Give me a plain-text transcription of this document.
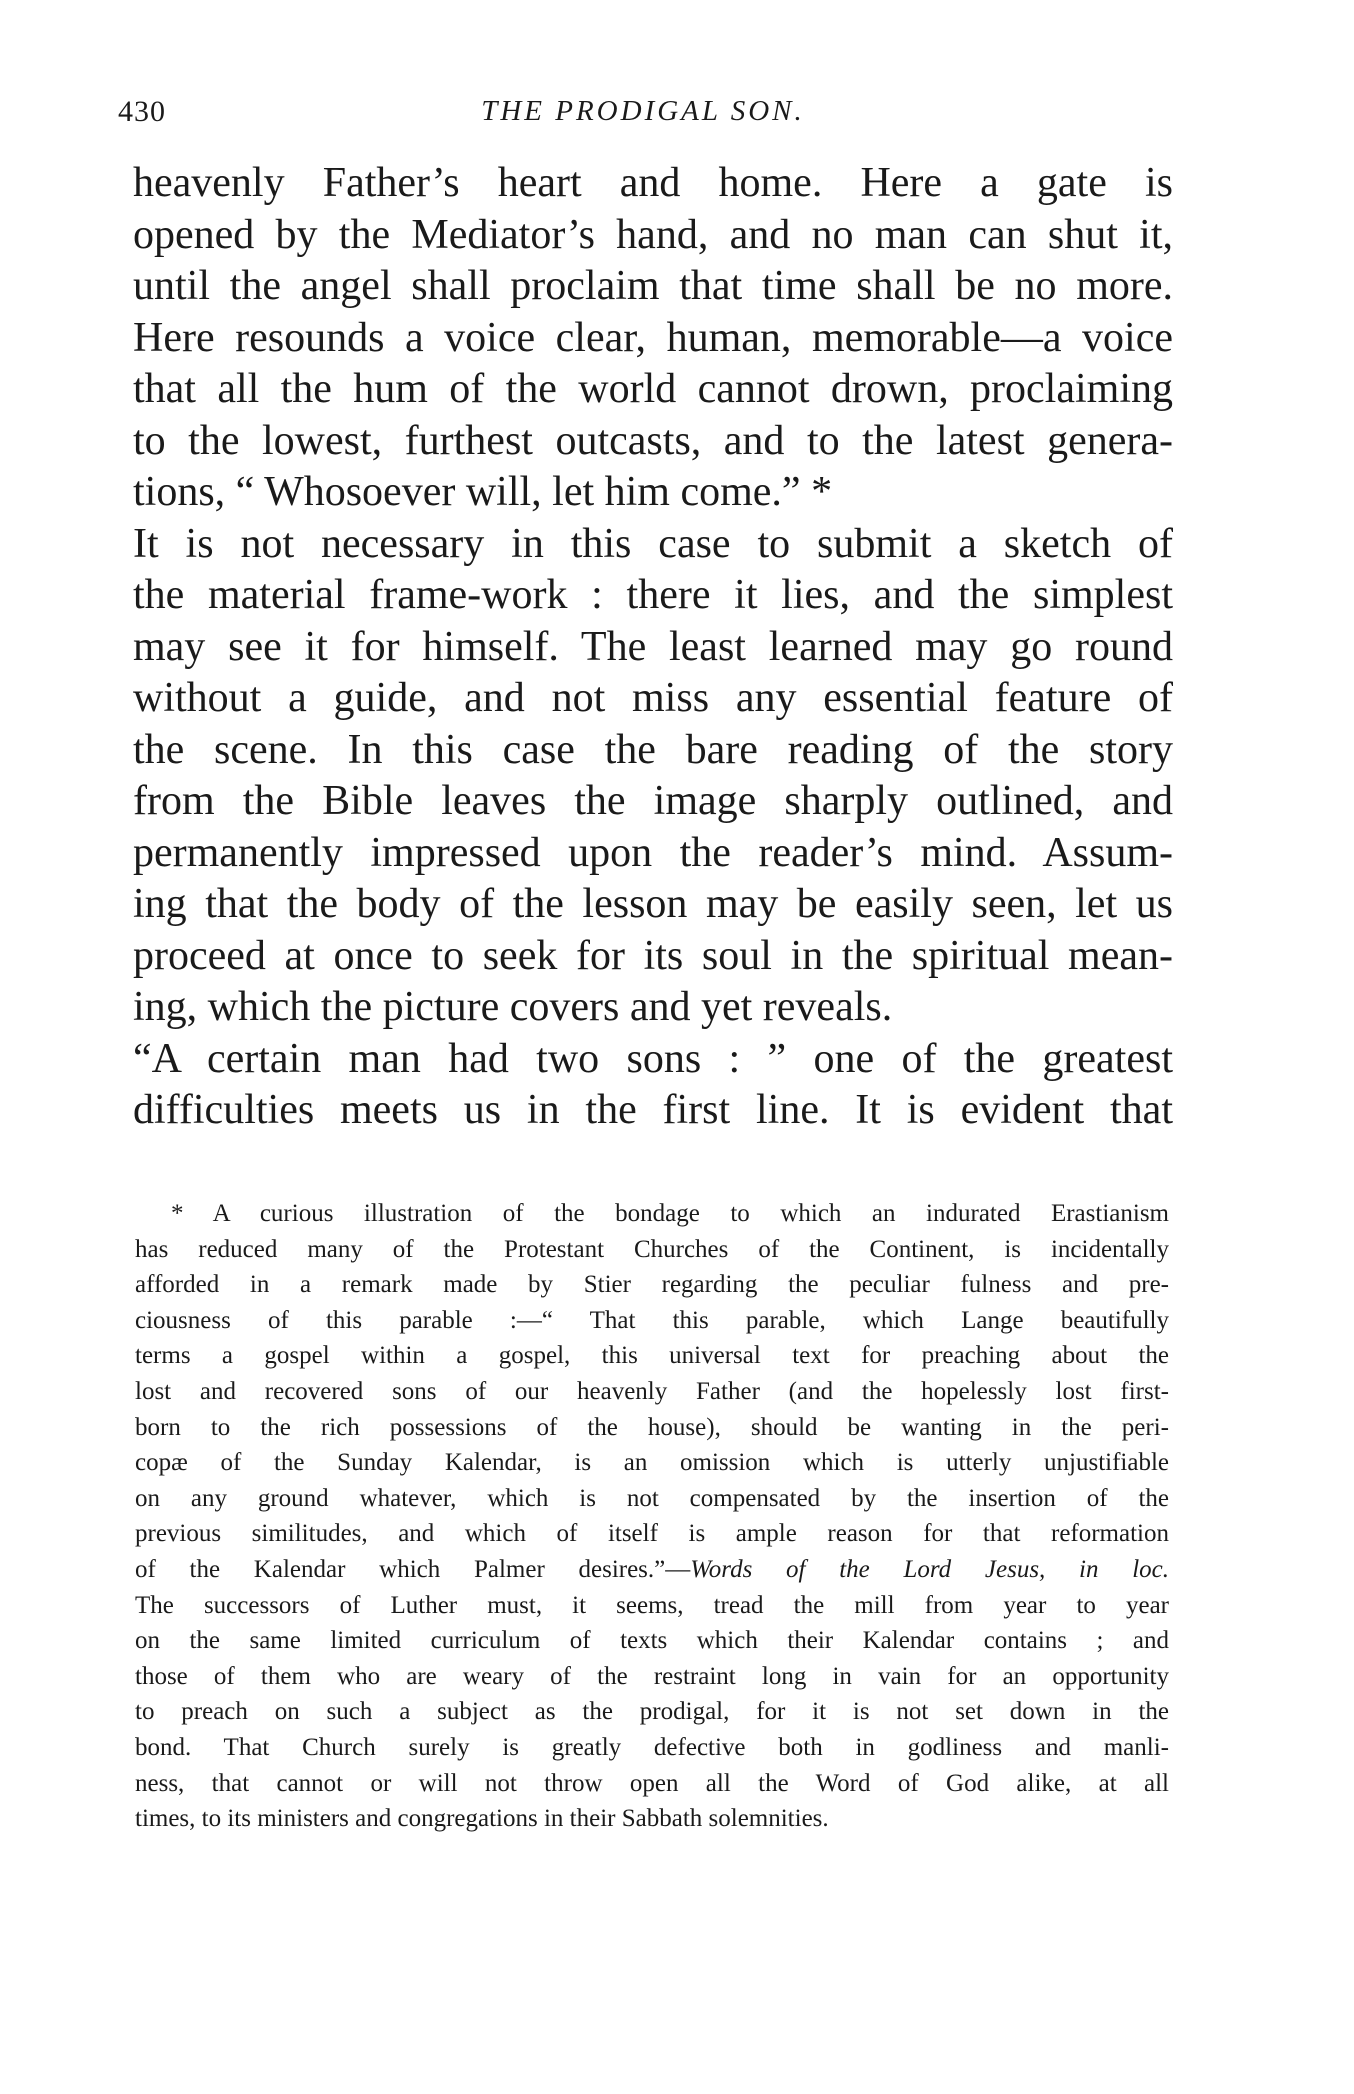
430	THE PRODIGAL SON.
heavenly Father’s heart and home. Here a gate is
opened by the Mediator’s hand, and no man can shut it,
until the angel shall proclaim that time shall be no more.
Here resounds a voice clear, human, memorable—a voice
that all the hum of the world cannot drown, proclaiming
to the lowest, furthest outcasts, and to the latest genera-
tions, “ Whosoever will, let him come.” *
It is not necessary in this case to submit a sketch of
the material frame-work : there it lies, and the simplest
may see it for himself. The least learned may go round
without a guide, and not miss any essential feature of
the scene. In this case the bare reading of the story
from the Bible leaves the image sharply outlined, and
permanently impressed upon the reader’s mind. Assum-
ing that the body of the lesson may be easily seen, let us
proceed at once to seek for its soul in the spiritual mean-
ing, which the picture covers and yet reveals.
“A certain man had two sons : ” one of the greatest
difficulties meets us in the first line. It is evident that
* A curious illustration of the bondage to which an indurated Erastianism
has reduced many of the Protestant Churches of the Continent, is incidentally
afforded in a remark made by Stier regarding the peculiar fulness and pre-
ciousness of this parable :—“ That this parable, which Lange beautifully
terms a gospel within a gospel, this universal text for preaching about the
lost and recovered sons of our heavenly Father (and the hopelessly lost first-
born to the rich possessions of the house), should be wanting in the peri-
copæ of the Sunday Kalendar, is an omission which is utterly unjustifiable
on any ground whatever, which is not compensated by the insertion of the
previous similitudes, and which of itself is ample reason for that reformation
of the Kalendar which Palmer desires.”—Words of the Lord Jesus, in loc.
The successors of Luther must, it seems, tread the mill from year to year
on the same limited curriculum of texts which their Kalendar contains ; and
those of them who are weary of the restraint long in vain for an opportunity
to preach on such a subject as the prodigal, for it is not set down in the
bond. That Church surely is greatly defective both in godliness and manli-
ness, that cannot or will not throw open all the Word of God alike, at all
times, to its ministers and congregations in their Sabbath solemnities.
